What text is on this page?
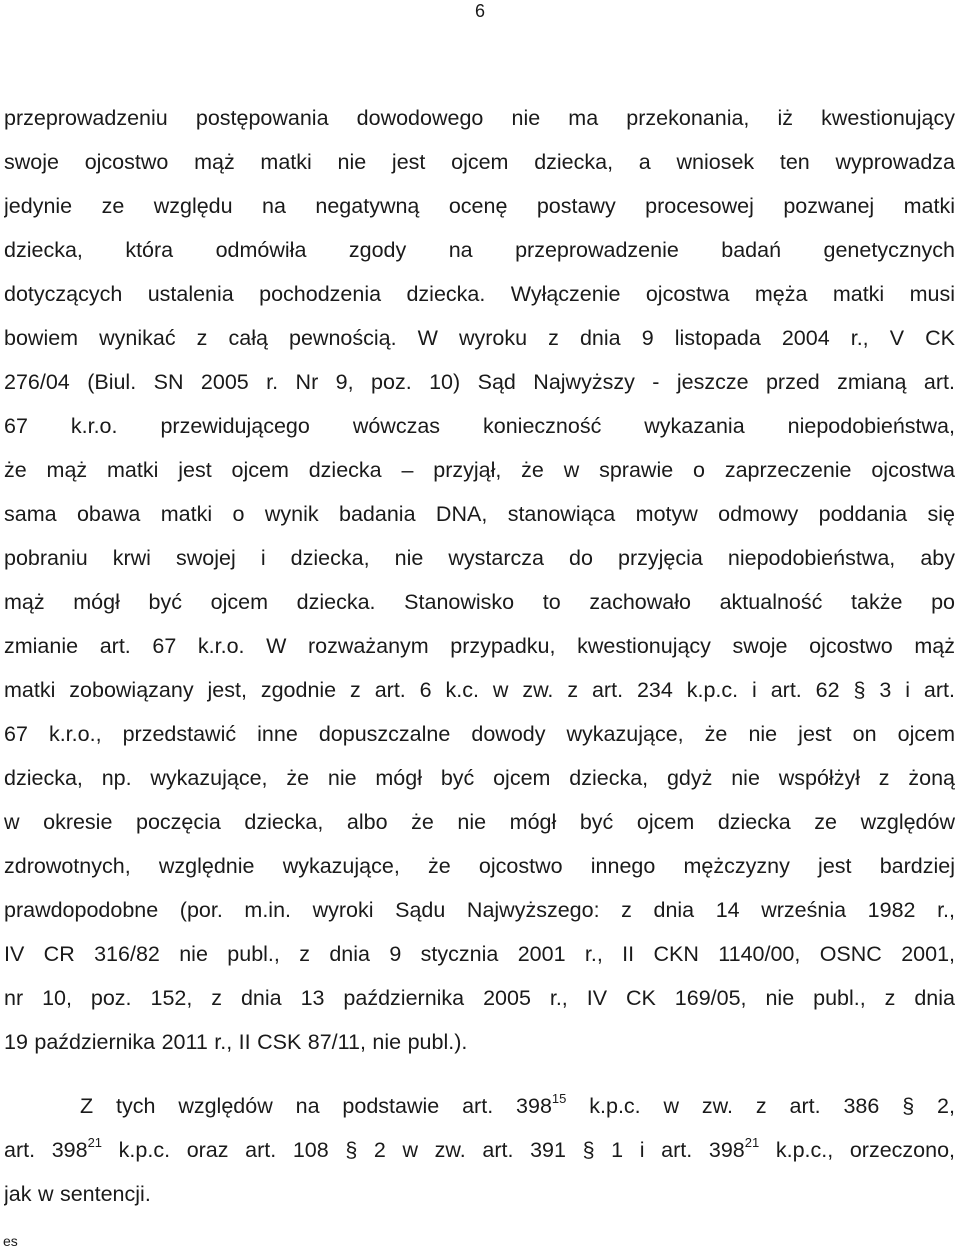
6
przeprowadzeniu postępowania dowodowego nie ma przekonania, iż kwestionujący
swoje ojcostwo mąż matki nie jest ojcem dziecka, a wniosek ten wyprowadza
jedynie ze względu na negatywną ocenę postawy procesowej pozwanej matki
dziecka, która odmówiła zgody na przeprowadzenie badań genetycznych
dotyczących ustalenia pochodzenia dziecka. Wyłączenie ojcostwa męża matki musi
bowiem wynikać z całą pewnością. W wyroku z dnia 9 listopada 2004 r., V CK
276/04 (Biul. SN 2005 r. Nr 9, poz. 10) Sąd Najwyższy - jeszcze przed zmianą art.
67 k.r.o. przewidującego wówczas konieczność wykazania niepodobieństwa,
że mąż matki jest ojcem dziecka – przyjął, że w sprawie o zaprzeczenie ojcostwa
sama obawa matki o wynik badania DNA, stanowiąca motyw odmowy poddania się
pobraniu krwi swojej i dziecka, nie wystarcza do przyjęcia niepodobieństwa, aby
mąż mógł być ojcem dziecka. Stanowisko to zachowało aktualność także po
zmianie art. 67 k.r.o. W rozważanym przypadku, kwestionujący swoje ojcostwo mąż
matki zobowiązany jest, zgodnie z art. 6 k.c. w zw. z art. 234 k.p.c. i art. 62 § 3 i art.
67 k.r.o., przedstawić inne dopuszczalne dowody wykazujące, że nie jest on ojcem
dziecka, np. wykazujące, że nie mógł być ojcem dziecka, gdyż nie współżył z żoną
w okresie poczęcia dziecka, albo że nie mógł być ojcem dziecka ze względów
zdrowotnych, względnie wykazujące, że ojcostwo innego mężczyzny jest bardziej
prawdopodobne (por. m.in. wyroki Sądu Najwyższego: z dnia 14 września 1982 r.,
IV CR 316/82 nie publ., z dnia 9 stycznia 2001 r., II CKN 1140/00, OSNC 2001,
nr 10, poz. 152, z dnia 13 października 2005 r., IV CK 169/05, nie publ., z dnia
19 października 2011 r., II CSK 87/11, nie publ.).
Z tych względów na podstawie art. $398^{15}$ k.p.c. w zw. z art. 386 § 2,
art. $398^{21}$ k.p.c. oraz art. 108 § 2 w zw. art. 391 § 1 i art. $398^{21}$ k.p.c., orzeczono,
jak w sentencji.
es
